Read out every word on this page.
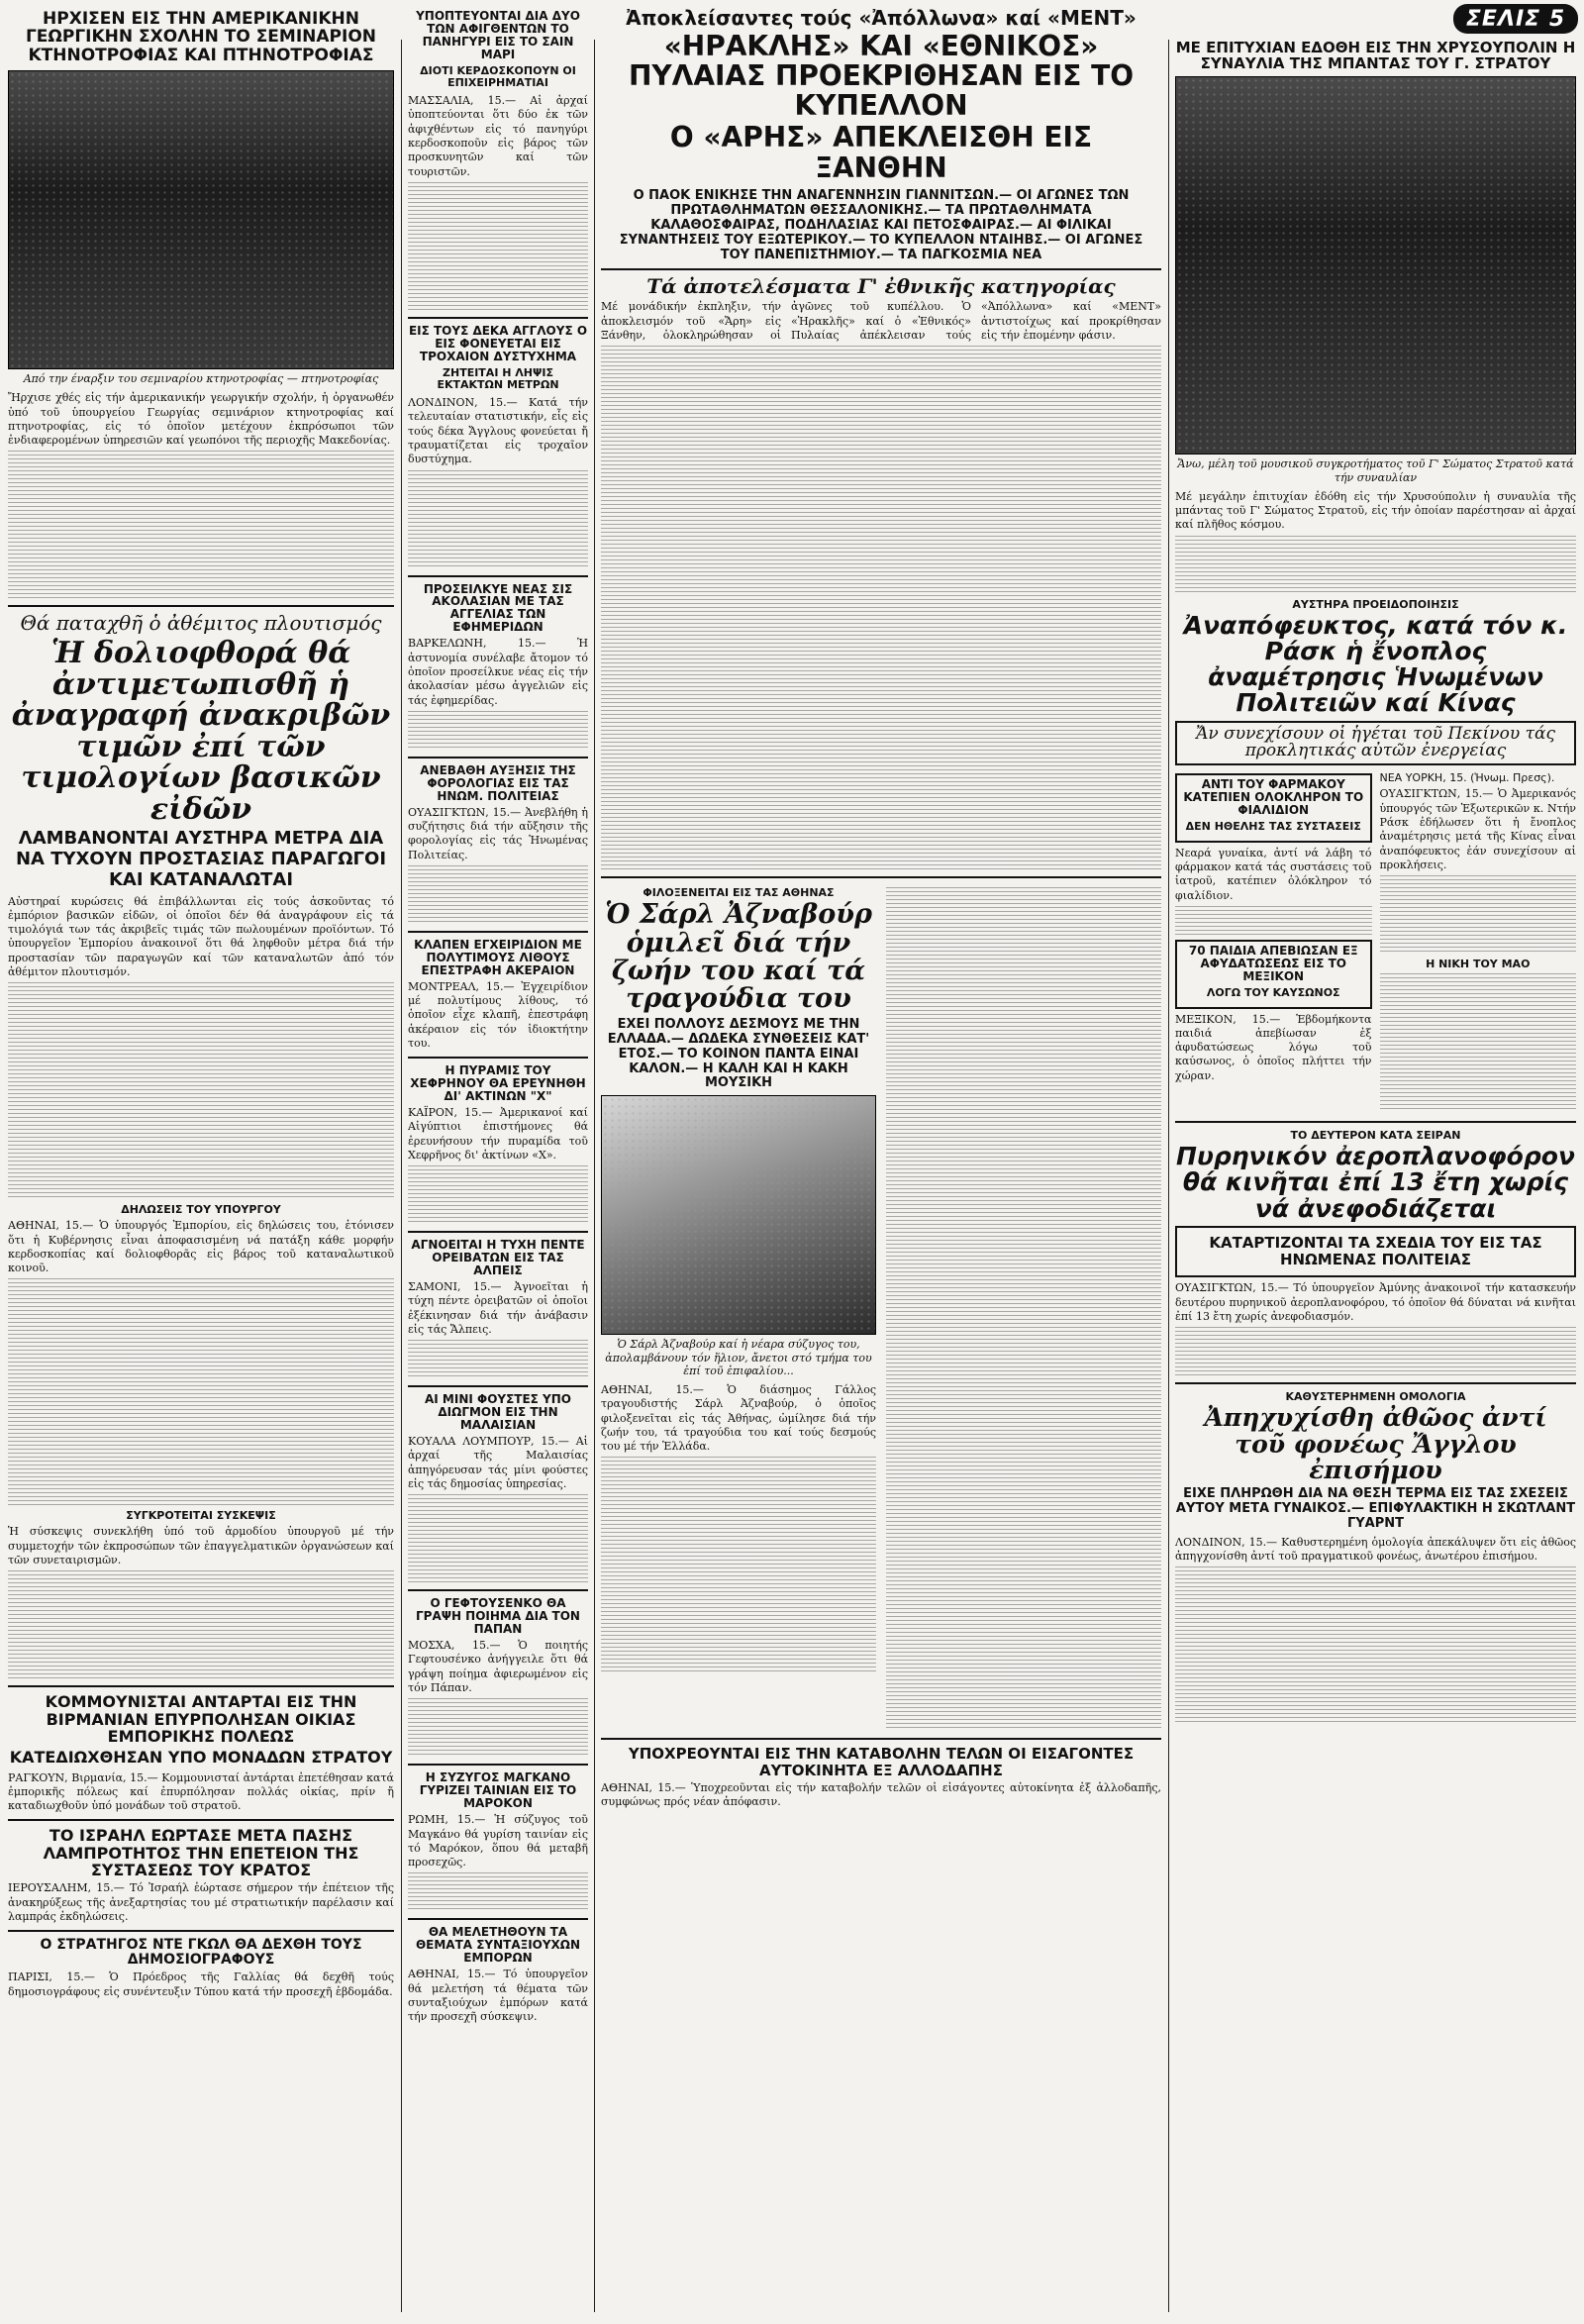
ΣΕΛΙΣ 5
ΗΡΧΙΣΕΝ ΕΙΣ ΤΗΝ ΑΜΕΡΙΚΑΝΙΚΗΝ ΓΕΩΡΓΙΚΗΝ ΣΧΟΛΗΝ ΤΟ ΣΕΜΙΝΑΡΙΟΝ ΚΤΗΝΟΤΡΟΦΙΑΣ ΚΑΙ ΠΤΗΝΟΤΡΟΦΙΑΣ
Από την έναρξιν του σεμιναρίου κτηνοτροφίας — πτηνοτροφίας
Ἤρχισε χθές εἰς τήν ἀμερικανικήν γεωργικήν σχολήν, ἡ ὀργανωθέν ὑπό τοῦ ὑπουργείου Γεωργίας σεμινάριον κτηνοτροφίας καί πτηνοτροφίας, εἰς τό ὁποῖον μετέχουν ἐκπρόσωποι τῶν ἐνδιαφερομένων ὑπηρεσιῶν καί γεωπόνοι τῆς περιοχῆς Μακεδονίας.
Θά παταχθῆ ὁ ἀθέμιτος πλουτισμός
Ἡ δολιοφθορά θά ἀντιμετωπισθῆ ἡ ἀναγραφή ἀνακριβῶν τιμῶν ἐπί τῶν τιμολογίων βασικῶν εἰδῶν
ΛΑΜΒΑΝΟΝΤΑΙ ΑΥΣΤΗΡΑ ΜΕΤΡΑ ΔΙΑ ΝΑ ΤΥΧΟΥΝ ΠΡΟΣΤΑΣΙΑΣ ΠΑΡΑΓΩΓΟΙ ΚΑΙ ΚΑΤΑΝΑΛΩΤΑΙ
Αὐστηραί κυρώσεις θά ἐπιβάλλωνται εἰς τούς ἀσκοῦντας τό ἐμπόριον βασικῶν εἰδῶν, οἱ ὁποῖοι δέν θά ἀναγράφουν εἰς τά τιμολόγιά των τάς ἀκριβεῖς τιμάς τῶν πωλουμένων προϊόντων. Τό ὑπουργεῖον Ἐμπορίου ἀνακοινοῖ ὅτι θά ληφθοῦν μέτρα διά τήν προστασίαν τῶν παραγωγῶν καί τῶν καταναλωτῶν ἀπό τόν ἀθέμιτον πλουτισμόν.
ΔΗΛΩΣΕΙΣ ΤΟΥ ΥΠΟΥΡΓΟΥ
ΑΘΗΝΑΙ, 15.— Ὁ ὑπουργός Ἐμπορίου, εἰς δηλώσεις του, ἐτόνισεν ὅτι ἡ Κυβέρνησις εἶναι ἀποφασισμένη νά πατάξη κάθε μορφήν κερδοσκοπίας καί δολιοφθορᾶς εἰς βάρος τοῦ καταναλωτικοῦ κοινοῦ.
ΣΥΓΚΡΟΤΕΙΤΑΙ ΣΥΣΚΕΨΙΣ
Ἡ σύσκεψις συνεκλήθη ὑπό τοῦ ἁρμοδίου ὑπουργοῦ μέ τήν συμμετοχήν τῶν ἐκπροσώπων τῶν ἐπαγγελματικῶν ὀργανώσεων καί τῶν συνεταιρισμῶν.
ΚΟΜΜΟΥΝΙΣΤΑΙ ΑΝΤΑΡΤΑΙ ΕΙΣ ΤΗΝ ΒΙΡΜΑΝΙΑΝ ΕΠΥΡΠΟΛΗΣΑΝ ΟΙΚΙΑΣ ΕΜΠΟΡΙΚΗΣ ΠΟΛΕΩΣ
ΚΑΤΕΔΙΩΧΘΗΣΑΝ ΥΠΟ ΜΟΝΑΔΩΝ ΣΤΡΑΤΟΥ
ΡΑΓΚΟΥΝ, Βιρμανία, 15.— Κομμουνισταί ἀντάρται ἐπετέθησαν κατά ἐμπορικῆς πόλεως καί ἐπυρπόλησαν πολλάς οἰκίας, πρίν ἤ καταδιωχθοῦν ὑπό μονάδων τοῦ στρατοῦ.
ΤΟ ΙΣΡΑΗΛ ΕΩΡΤΑΣΕ ΜΕΤΑ ΠΑΣΗΣ ΛΑΜΠΡΟΤΗΤΟΣ ΤΗΝ ΕΠΕΤΕΙΟΝ ΤΗΣ ΣΥΣΤΑΣΕΩΣ ΤΟΥ ΚΡΑΤΟΣ
ΙΕΡΟΥΣΑΛΗΜ, 15.— Τό Ἰσραήλ ἑώρτασε σήμερον τήν ἐπέτειον τῆς ἀνακηρύξεως τῆς ἀνεξαρτησίας του μέ στρατιωτικήν παρέλασιν καί λαμπράς ἐκδηλώσεις.
Ο ΣΤΡΑΤΗΓΟΣ ΝΤΕ ΓΚΩΛ ΘΑ ΔΕΧΘΗ ΤΟΥΣ ΔΗΜΟΣΙΟΓΡΑΦΟΥΣ
ΠΑΡΙΣΙ, 15.— Ὁ Πρόεδρος τῆς Γαλλίας θά δεχθῆ τούς δημοσιογράφους εἰς συνέντευξιν Τύπου κατά τήν προσεχῆ ἑβδομάδα.
ΥΠΟΠΤΕΥΟΝΤΑΙ ΔΙΑ ΔΥΟ ΤΩΝ ΑΦΙΓΘΕΝΤΩΝ ΤΟ ΠΑΝΗΓΥΡΙ ΕΙΣ ΤΟ ΣΑΙΝ ΜΑΡΙ
ΔΙΟΤΙ ΚΕΡΔΟΣΚΟΠΟΥΝ ΟΙ ΕΠΙΧΕΙΡΗΜΑΤΙΑΙ
ΜΑΣΣΑΛΙΑ, 15.— Αἱ ἀρχαί ὑποπτεύονται ὅτι δύο ἐκ τῶν ἀφιχθέντων εἰς τό πανηγύρι κερδοσκοποῦν εἰς βάρος τῶν προσκυνητῶν καί τῶν τουριστῶν.
ΕΙΣ ΤΟΥΣ ΔΕΚΑ ΑΓΓΛΟΥΣ Ο ΕΙΣ ΦΟΝΕΥΕΤΑΙ ΕΙΣ ΤΡΟΧΑΙΟΝ ΔΥΣΤΥΧΗΜΑ
ΖΗΤΕΙΤΑΙ Η ΛΗΨΙΣ ΕΚΤΑΚΤΩΝ ΜΕΤΡΩΝ
ΛΟΝΔΙΝΟΝ, 15.— Κατά τήν τελευταίαν στατιστικήν, εἷς εἰς τούς δέκα Ἄγγλους φονεύεται ἤ τραυματίζεται εἰς τροχαῖον δυστύχημα.
ΠΡΟΣΕΙΛΚΥΕ ΝΕΑΣ ΣΙΣ ΑΚΟΛΑΣΙΑΝ ΜΕ ΤΑΣ ΑΓΓΕΛΙΑΣ ΤΩΝ ΕΦΗΜΕΡΙΔΩΝ
ΒΑΡΚΕΛΩΝΗ, 15.— Ἡ ἀστυνομία συνέλαβε ἄτομον τό ὁποῖον προσείλκυε νέας εἰς τήν ἀκολασίαν μέσω ἀγγελιῶν εἰς τάς ἐφημερίδας.
ΑΝΕΒΑΘΗ ΑΥΞΗΣΙΣ ΤΗΣ ΦΟΡΟΛΟΓΙΑΣ ΕΙΣ ΤΑΣ ΗΝΩΜ. ΠΟΛΙΤΕΙΑΣ
ΟΥΑΣΙΓΚΤΩΝ, 15.— Ἀνεβλήθη ἡ συζήτησις διά τήν αὔξησιν τῆς φορολογίας εἰς τάς Ἡνωμένας Πολιτείας.
ΚΛΑΠΕΝ ΕΓΧΕΙΡΙΔΙΟΝ ΜΕ ΠΟΛΥΤΙΜΟΥΣ ΛΙΘΟΥΣ ΕΠΕΣΤΡΑΦΗ ΑΚΕΡΑΙΟΝ
ΜΟΝΤΡΕΑΛ, 15.— Ἐγχειρίδιον μέ πολυτίμους λίθους, τό ὁποῖον εἶχε κλαπῆ, ἐπεστράφη ἀκέραιον εἰς τόν ἰδιοκτήτην του.
Η ΠΥΡΑΜΙΣ ΤΟΥ ΧΕΦΡΗΝΟΥ ΘΑ ΕΡΕΥΝΗΘΗ ΔΙ' ΑΚΤΙΝΩΝ "Χ"
ΚΑΪΡΟΝ, 15.— Ἀμερικανοί καί Αἰγύπτιοι ἐπιστήμονες θά ἐρευνήσουν τήν πυραμίδα τοῦ Χεφρῆνος δι' ἀκτίνων «Χ».
ΑΓΝΟΕΙΤΑΙ Η ΤΥΧΗ ΠΕΝΤΕ ΟΡΕΙΒΑΤΩΝ ΕΙΣ ΤΑΣ ΑΛΠΕΙΣ
ΣΑΜΟΝΙ, 15.— Ἀγνοεῖται ἡ τύχη πέντε ὀρειβατῶν οἱ ὁποῖοι ἐξέκινησαν διά τήν ἀνάβασιν εἰς τάς Ἄλπεις.
ΑΙ ΜΙΝΙ ΦΟΥΣΤΕΣ ΥΠΟ ΔΙΩΓΜΟΝ ΕΙΣ ΤΗΝ ΜΑΛΑΙΣΙΑΝ
ΚΟΥΑΛΑ ΛΟΥΜΠΟΥΡ, 15.— Αἱ ἀρχαί τῆς Μαλαισίας ἀπηγόρευσαν τάς μίνι φούστες εἰς τάς δημοσίας ὑπηρεσίας.
Ο ΓΕΦΤΟΥΣΕΝΚΟ ΘΑ ΓΡΑΨΗ ΠΟΙΗΜΑ ΔΙΑ ΤΟΝ ΠΑΠΑΝ
ΜΟΣΧΑ, 15.— Ὁ ποιητής Γεφτουσένκο ἀνήγγειλε ὅτι θά γράψη ποίημα ἀφιερωμένον εἰς τόν Πάπαν.
Η ΣΥΖΥΓΟΣ ΜΑΓΚΑΝΟ ΓΥΡΙΖΕΙ ΤΑΙΝΙΑΝ ΕΙΣ ΤΟ ΜΑΡΟΚΟΝ
ΡΩΜΗ, 15.— Ἡ σύζυγος τοῦ Μαγκάνο θά γυρίση ταινίαν εἰς τό Μαρόκον, ὅπου θά μεταβῆ προσεχῶς.
ΘΑ ΜΕΛΕΤΗΘΟΥΝ ΤΑ ΘΕΜΑΤΑ ΣΥΝΤΑΞΙΟΥΧΩΝ ΕΜΠΟΡΩΝ
ΑΘΗΝΑΙ, 15.— Τό ὑπουργεῖον θά μελετήση τά θέματα τῶν συνταξιούχων ἐμπόρων κατά τήν προσεχῆ σύσκεψιν.
Ἀποκλείσαντες τούς «Ἀπόλλωνα» καί «ΜΕΝΤ»
«ΗΡΑΚΛΗΣ» ΚΑΙ «ΕΘΝΙΚΟΣ» ΠΥΛΑΙΑΣ ΠΡΟΕΚΡΙΘΗΣΑΝ ΕΙΣ ΤΟ ΚΥΠΕΛΛΟΝ
Ο «ΑΡΗΣ» ΑΠΕΚΛΕΙΣΘΗ ΕΙΣ ΞΑΝΘΗΝ
Ο ΠΑΟΚ ΕΝΙΚΗΣΕ ΤΗΝ ΑΝΑΓΕΝΝΗΣΙΝ ΓΙΑΝΝΙΤΣΩΝ.— ΟΙ ΑΓΩΝΕΣ ΤΩΝ ΠΡΩΤΑΘΛΗΜΑΤΩΝ ΘΕΣΣΑΛΟΝΙΚΗΣ.— ΤΑ ΠΡΩΤΑΘΛΗΜΑΤΑ ΚΑΛΑΘΟΣΦΑΙΡΑΣ, ΠΟΔΗΛΑΣΙΑΣ ΚΑΙ ΠΕΤΟΣΦΑΙΡΑΣ.— ΑΙ ΦΙΛΙΚΑΙ ΣΥΝΑΝΤΗΣΕΙΣ ΤΟΥ ΕΞΩΤΕΡΙΚΟΥ.— ΤΟ ΚΥΠΕΛΛΟΝ ΝΤΑΙΗΒΣ.— ΟΙ ΑΓΩΝΕΣ ΤΟΥ ΠΑΝΕΠΙΣΤΗΜΙΟΥ.— ΤΑ ΠΑΓΚΟΣΜΙΑ ΝΕΑ
Τά ἀποτελέσματα Γ' ἐθνικῆς κατηγορίας
Μέ μονάδικήν ἐκπληξιν, τήν ἀποκλεισμόν τοῦ «Ἄρη» εἰς Ξάνθην, ὁλοκληρώθησαν οἱ ἀγῶνες τοῦ κυπέλλου. Ὁ «Ἡρακλῆς» καί ὁ «Ἐθνικός» Πυλαίας ἀπέκλεισαν τούς «Ἀπόλλωνα» καί «ΜΕΝΤ» ἀντιστοίχως καί προκρίθησαν εἰς τήν ἑπομένην φάσιν.
ΦΙΛΟΞΕΝΕΙΤΑΙ ΕΙΣ ΤΑΣ ΑΘΗΝΑΣ
Ὁ Σάρλ Ἀζναβούρ ὁμιλεῖ διά τήν ζωήν του καί τά τραγούδια του
ΕΧΕΙ ΠΟΛΛΟΥΣ ΔΕΣΜΟΥΣ ΜΕ ΤΗΝ ΕΛΛΑΔΑ.— ΔΩΔΕΚΑ ΣΥΝΘΕΣΕΙΣ ΚΑΤ' ΕΤΟΣ.— ΤΟ ΚΟΙΝΟΝ ΠΑΝΤΑ ΕΙΝΑΙ ΚΑΛΟΝ.— Η ΚΑΛΗ ΚΑΙ Η ΚΑΚΗ ΜΟΥΣΙΚΗ
Ὁ Σάρλ Ἀζναβούρ καί ἡ νέαρα σύζυγος του, ἀπολαμβάνουν τόν ἥλιον, ἄνετοι στό τμήμα του ἐπί τοῦ ἐπιφαλίου...
ΑΘΗΝΑΙ, 15.— Ὁ διάσημος Γάλλος τραγουδιστής Σάρλ Ἀζναβούρ, ὁ ὁποῖος φιλοξενεῖται εἰς τάς Ἀθήνας, ὡμίλησε διά τήν ζωήν του, τά τραγούδια του καί τούς δεσμούς του μέ τήν Ἑλλάδα.
ΥΠΟΧΡΕΟΥΝΤΑΙ ΕΙΣ ΤΗΝ ΚΑΤΑΒΟΛΗΝ ΤΕΛΩΝ ΟΙ ΕΙΣΑΓΟΝΤΕΣ ΑΥΤΟΚΙΝΗΤΑ ΕΞ ΑΛΛΟΔΑΠΗΣ
ΑΘΗΝΑΙ, 15.— Ὑποχρεοῦνται εἰς τήν καταβολήν τελῶν οἱ εἰσάγοντες αὐτοκίνητα ἐξ ἀλλοδαπῆς, συμφώνως πρός νέαν ἀπόφασιν.
ΜΕ ΕΠΙΤΥΧΙΑΝ ΕΔΟΘΗ ΕΙΣ ΤΗΝ ΧΡΥΣΟΥΠΟΛΙΝ Η ΣΥΝΑΥΛΙΑ ΤΗΣ ΜΠΑΝΤΑΣ ΤΟΥ Γ. ΣΤΡΑΤΟΥ
Ἄνω, μέλη τοῦ μουσικοῦ συγκροτήματος τοῦ Γ' Σώματος Στρατοῦ κατά τήν συναυλίαν
Μέ μεγάλην ἐπιτυχίαν ἐδόθη εἰς τήν Χρυσούπολιν ἡ συναυλία τῆς μπάντας τοῦ Γ' Σώματος Στρατοῦ, εἰς τήν ὁποίαν παρέστησαν αἱ ἀρχαί καί πλῆθος κόσμου.
ΑΥΣΤΗΡΑ ΠΡΟΕΙΔΟΠΟΙΗΣΙΣ
Ἀναπόφευκτος, κατά τόν κ. Ράσκ ἡ ἔνοπλος ἀναμέτρησις Ἡνωμένων Πολιτειῶν καί Κίνας
Ἄν συνεχίσουν οἱ ἡγέται τοῦ Πεκίνου τάς προκλητικάς αὐτῶν ἐνεργείας
ΑΝΤΙ ΤΟΥ ΦΑΡΜΑΚΟΥ ΚΑΤΕΠΙΕΝ ΟΛΟΚΛΗΡΟΝ ΤΟ ΦΙΑΛΙΔΙΟΝ
ΔΕΝ ΗΘΕΛΗΣ ΤΑΣ ΣΥΣΤΑΣΕΙΣ
Νεαρά γυναίκα, ἀντί νά λάβη τό φάρμακον κατά τάς συστάσεις τοῦ ἰατροῦ, κατέπιεν ὁλόκληρον τό φιαλίδιον.
70 ΠΑΙΔΙΑ ΑΠΕΒΙΩΣΑΝ ΕΞ ΑΦΥΔΑΤΩΣΕΩΣ ΕΙΣ ΤΟ ΜΕΞΙΚΟΝ
ΛΟΓΩ ΤΟΥ ΚΑΥΣΩΝΟΣ
ΜΕΞΙΚΟΝ, 15.— Ἑβδομήκοντα παιδιά ἀπεβίωσαν ἐξ ἀφυδατώσεως λόγω τοῦ καύσωνος, ὁ ὁποῖος πλήττει τήν χώραν.
ΝΕΑ ΥΟΡΚΗ, 15. (Ἡνωμ. Πρεσς).
ΟΥΑΣΙΓΚΤΩΝ, 15.— Ὁ Ἀμερικανός ὑπουργός τῶν Ἐξωτερικῶν κ. Ντήν Ράσκ ἐδήλωσεν ὅτι ἡ ἔνοπλος ἀναμέτρησις μετά τῆς Κίνας εἶναι ἀναπόφευκτος ἐάν συνεχίσουν αἱ προκλήσεις.
Η ΝΙΚΗ ΤΟΥ ΜΑΟ
ΤΟ ΔΕΥΤΕΡΟΝ ΚΑΤΑ ΣΕΙΡΑΝ
Πυρηνικόν ἀεροπλανοφόρον θά κινῆται ἐπί 13 ἔτη χωρίς νά ἀνεφοδιάζεται
ΚΑΤΑΡΤΙΖΟΝΤΑΙ ΤΑ ΣΧΕΔΙΑ ΤΟΥ ΕΙΣ ΤΑΣ ΗΝΩΜΕΝΑΣ ΠΟΛΙΤΕΙΑΣ
ΟΥΑΣΙΓΚΤΩΝ, 15.— Τό ὑπουργεῖον Ἀμύνης ἀνακοινοῖ τήν κατασκευήν δευτέρου πυρηνικοῦ ἀεροπλανοφόρου, τό ὁποῖον θά δύναται νά κινῆται ἐπί 13 ἔτη χωρίς ἀνεφοδιασμόν.
ΚΑΘΥΣΤΕΡΗΜΕΝΗ ΟΜΟΛΟΓΙΑ
Ἀπηχυχίσθη ἀθῶος ἀντί τοῦ φονέως Ἄγγλου ἐπισήμου
ΕΙΧΕ ΠΛΗΡΩΘΗ ΔΙΑ ΝΑ ΘΕΣΗ ΤΕΡΜΑ ΕΙΣ ΤΑΣ ΣΧΕΣΕΙΣ ΑΥΤΟΥ ΜΕΤΑ ΓΥΝΑΙΚΟΣ.— ΕΠΙΦΥΛΑΚΤΙΚΗ Η ΣΚΩΤΛΑΝΤ ΓΥΑΡΝΤ
ΛΟΝΔΙΝΟΝ, 15.— Καθυστερημένη ὁμολογία ἀπεκάλυψεν ὅτι εἰς ἀθῶος ἀπηγχονίσθη ἀντί τοῦ πραγματικοῦ φονέως, ἀνωτέρου ἐπισήμου.
